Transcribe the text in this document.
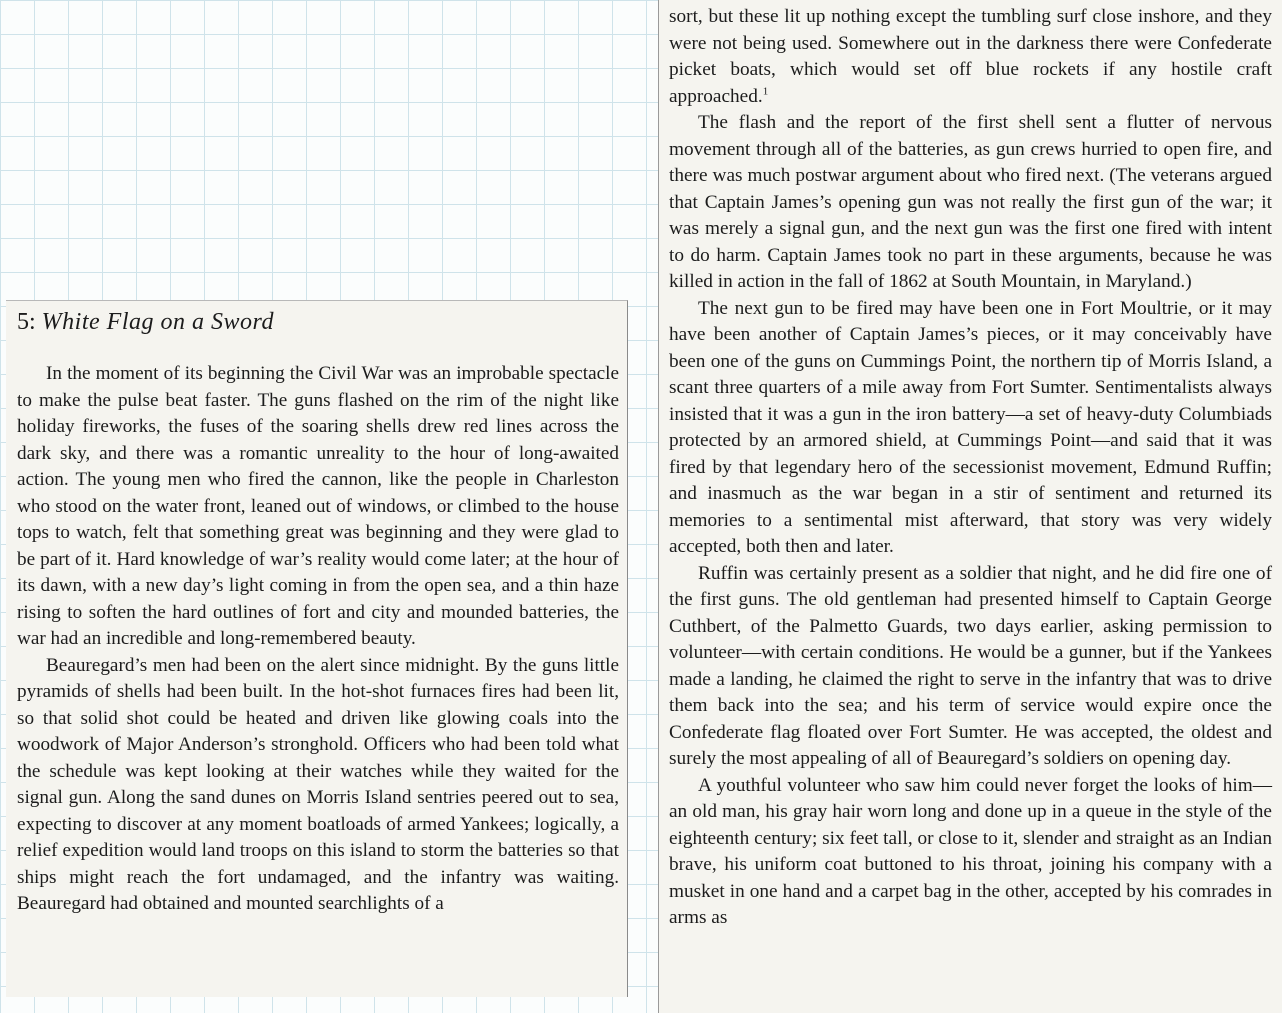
5: White Flag on a Sword

In the moment of its beginning the Civil War was an improbable spectacle to make the pulse beat faster. The guns flashed on the rim of the night like holiday fireworks, the fuses of the soaring shells drew red lines across the dark sky, and there was a romantic unreality to the hour of long-awaited action. The young men who fired the cannon, like the people in Charleston who stood on the water front, leaned out of windows, or climbed to the house tops to watch, felt that something great was beginning and they were glad to be part of it. Hard knowledge of war’s reality would come later; at the hour of its dawn, with a new day’s light coming in from the open sea, and a thin haze rising to soften the hard outlines of fort and city and mounded batteries, the war had an incredible and long-remembered beauty.

Beauregard’s men had been on the alert since midnight. By the guns little pyramids of shells had been built. In the hot-shot furnaces fires had been lit, so that solid shot could be heated and driven like glowing coals into the woodwork of Major Anderson’s stronghold. Officers who had been told what the schedule was kept looking at their watches while they waited for the signal gun. Along the sand dunes on Morris Island sentries peered out to sea, expecting to discover at any moment boatloads of armed Yankees; logically, a relief expedition would land troops on this island to storm the batteries so that ships might reach the fort undamaged, and the infantry was waiting. Beauregard had obtained and mounted searchlights of a

sort, but these lit up nothing except the tumbling surf close inshore, and they were not being used. Somewhere out in the darkness there were Confederate picket boats, which would set off blue rockets if any hostile craft approached.$^1$

The flash and the report of the first shell sent a flutter of nervous movement through all of the batteries, as gun crews hurried to open fire, and there was much postwar argument about who fired next. (The veterans argued that Captain James’s opening gun was not really the first gun of the war; it was merely a signal gun, and the next gun was the first one fired with intent to do harm. Captain James took no part in these arguments, because he was killed in action in the fall of 1862 at South Mountain, in Maryland.)

The next gun to be fired may have been one in Fort Moultrie, or it may have been another of Captain James’s pieces, or it may conceivably have been one of the guns on Cummings Point, the northern tip of Morris Island, a scant three quarters of a mile away from Fort Sumter. Sentimentalists always insisted that it was a gun in the iron battery—a set of heavy-duty Columbiads protected by an armored shield, at Cummings Point—and said that it was fired by that legendary hero of the secessionist movement, Edmund Ruffin; and inasmuch as the war began in a stir of sentiment and returned its memories to a sentimental mist afterward, that story was very widely accepted, both then and later.

Ruffin was certainly present as a soldier that night, and he did fire one of the first guns. The old gentleman had presented himself to Captain George Cuthbert, of the Palmetto Guards, two days earlier, asking permission to volunteer—with certain conditions. He would be a gunner, but if the Yankees made a landing, he claimed the right to serve in the infantry that was to drive them back into the sea; and his term of service would expire once the Confederate flag floated over Fort Sumter. He was accepted, the oldest and surely the most appealing of all of Beauregard’s soldiers on opening day.

A youthful volunteer who saw him could never forget the looks of him—an old man, his gray hair worn long and done up in a queue in the style of the eighteenth century; six feet tall, or close to it, slender and straight as an Indian brave, his uniform coat buttoned to his throat, joining his company with a musket in one hand and a carpet bag in the other, accepted by his comrades in arms as
